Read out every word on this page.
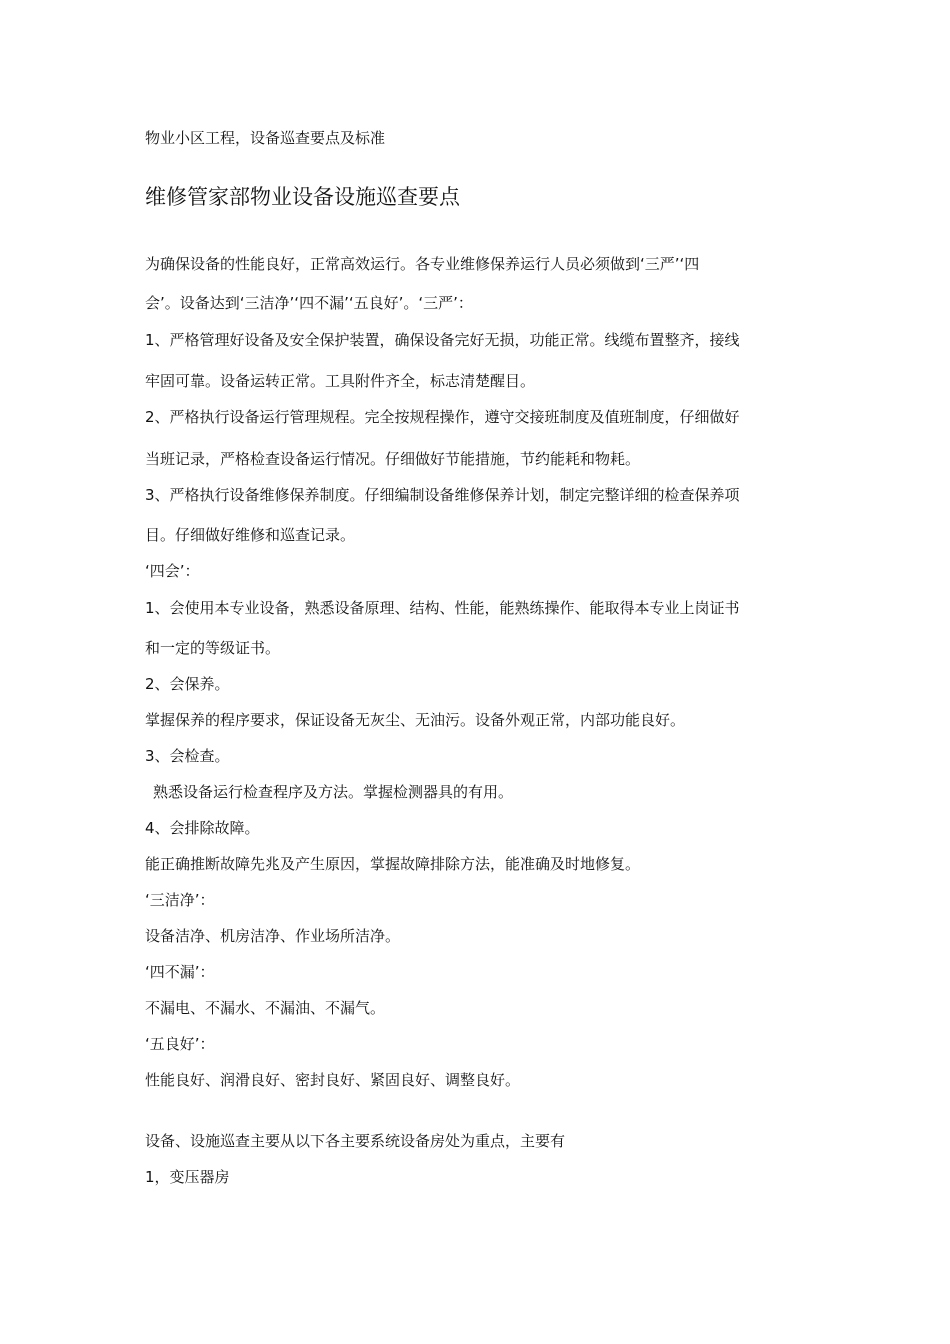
物业小区工程，设备巡查要点及标准

维修管家部物业设备设施巡查要点

为确保设备的性能良好，正常高效运行。各专业维修保养运行人员必须做到‘三严’‘四

会’。设备达到‘三洁净’‘四不漏’‘五良好’。‘三严’：

1、严格管理好设备及安全保护装置，确保设备完好无损，功能正常。线缆布置整齐，接线

牢固可靠。设备运转正常。工具附件齐全，标志清楚醒目。

2、严格执行设备运行管理规程。完全按规程操作，遵守交接班制度及值班制度，仔细做好

当班记录，严格检查设备运行情况。仔细做好节能措施，节约能耗和物耗。

3、严格执行设备维修保养制度。仔细编制设备维修保养计划，制定完整详细的检查保养项

目。仔细做好维修和巡查记录。

‘四会’：

1、会使用本专业设备，熟悉设备原理、结构、性能，能熟练操作、能取得本专业上岗证书

和一定的等级证书。

2、会保养。

掌握保养的程序要求，保证设备无灰尘、无油污。设备外观正常，内部功能良好。

3、会检查。

熟悉设备运行检查程序及方法。掌握检测器具的有用。

4、会排除故障。

能正确推断故障先兆及产生原因，掌握故障排除方法，能准确及时地修复。

‘三洁净’：

设备洁净、机房洁净、作业场所洁净。

‘四不漏’：

不漏电、不漏水、不漏油、不漏气。

‘五良好’：

性能良好、润滑良好、密封良好、紧固良好、调整良好。

设备、设施巡查主要从以下各主要系统设备房处为重点，主要有

1，变压器房
